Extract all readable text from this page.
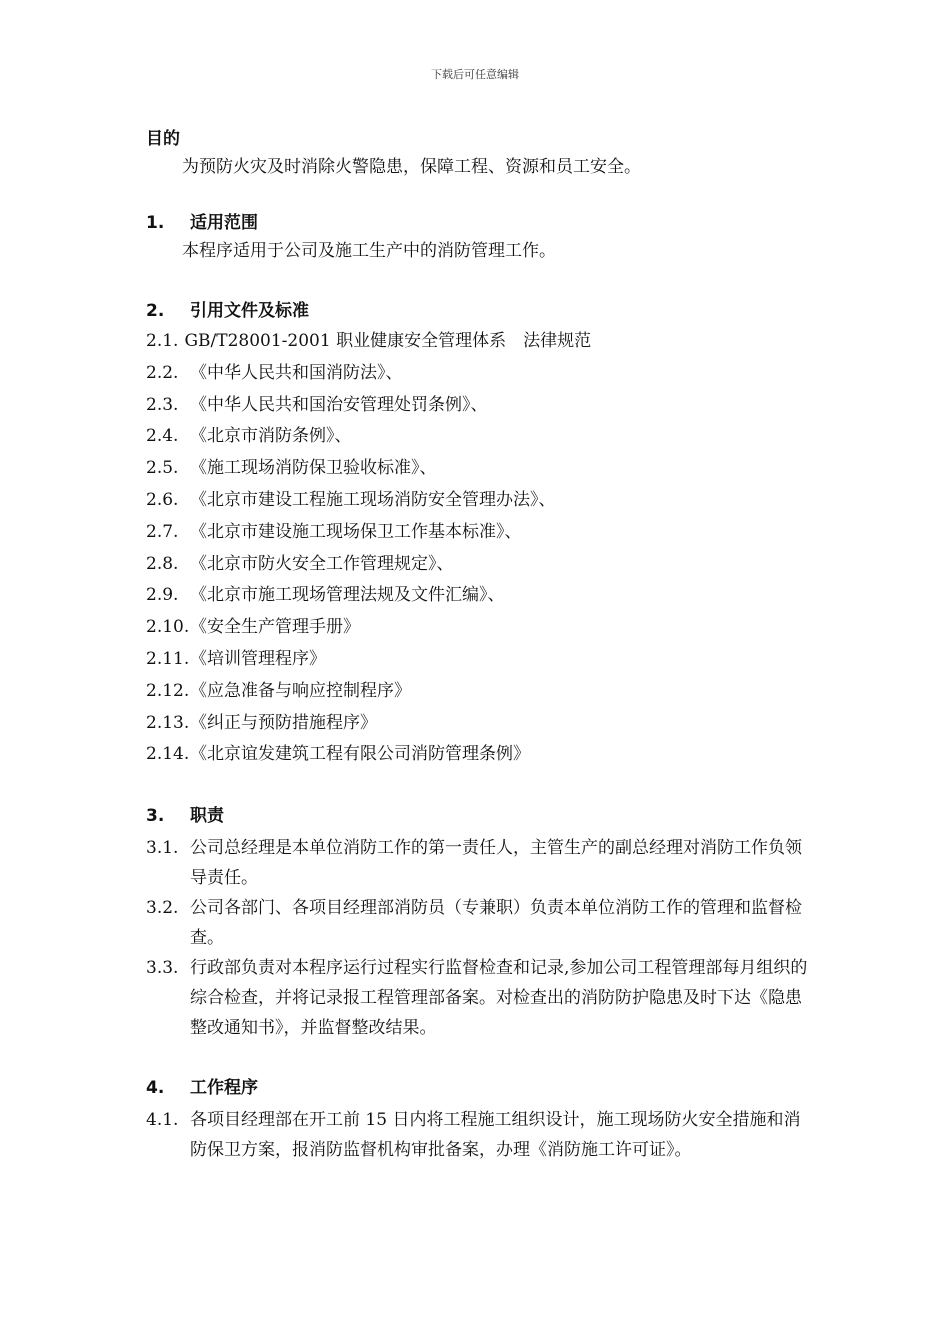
下载后可任意编辑
目的
为预防火灾及时消除火警隐患，保障工程、资源和员工安全。
1. 适用范围
本程序适用于公司及施工生产中的消防管理工作。
2. 引用文件及标准
2.1. GB/T28001-2001 职业健康安全管理体系　法律规范
2.2. 《中华人民共和国消防法》、
2.3. 《中华人民共和国治安管理处罚条例》、
2.4. 《北京市消防条例》、
2.5. 《施工现场消防保卫验收标准》、
2.6. 《北京市建设工程施工现场消防安全管理办法》、
2.7. 《北京市建设施工现场保卫工作基本标准》、
2.8. 《北京市防火安全工作管理规定》、
2.9. 《北京市施工现场管理法规及文件汇编》、
2.10. 《安全生产管理手册》
2.11. 《培训管理程序》
2.12. 《应急准备与响应控制程序》
2.13. 《纠正与预防措施程序》
2.14. 《北京谊发建筑工程有限公司消防管理条例》
3. 职责
3.1. 公司总经理是本单位消防工作的第一责任人，主管生产的副总经理对消防工作负领导责任。
3.2. 公司各部门、各项目经理部消防员（专兼职）负责本单位消防工作的管理和监督检查。
3.3. 行政部负责对本程序运行过程实行监督检查和记录,参加公司工程管理部每月组织的综合检查，并将记录报工程管理部备案。对检查出的消防防护隐患及时下达《隐患整改通知书》，并监督整改结果。
4. 工作程序
4.1. 各项目经理部在开工前 15 日内将工程施工组织设计，施工现场防火安全措施和消防保卫方案，报消防监督机构审批备案，办理《消防施工许可证》。
